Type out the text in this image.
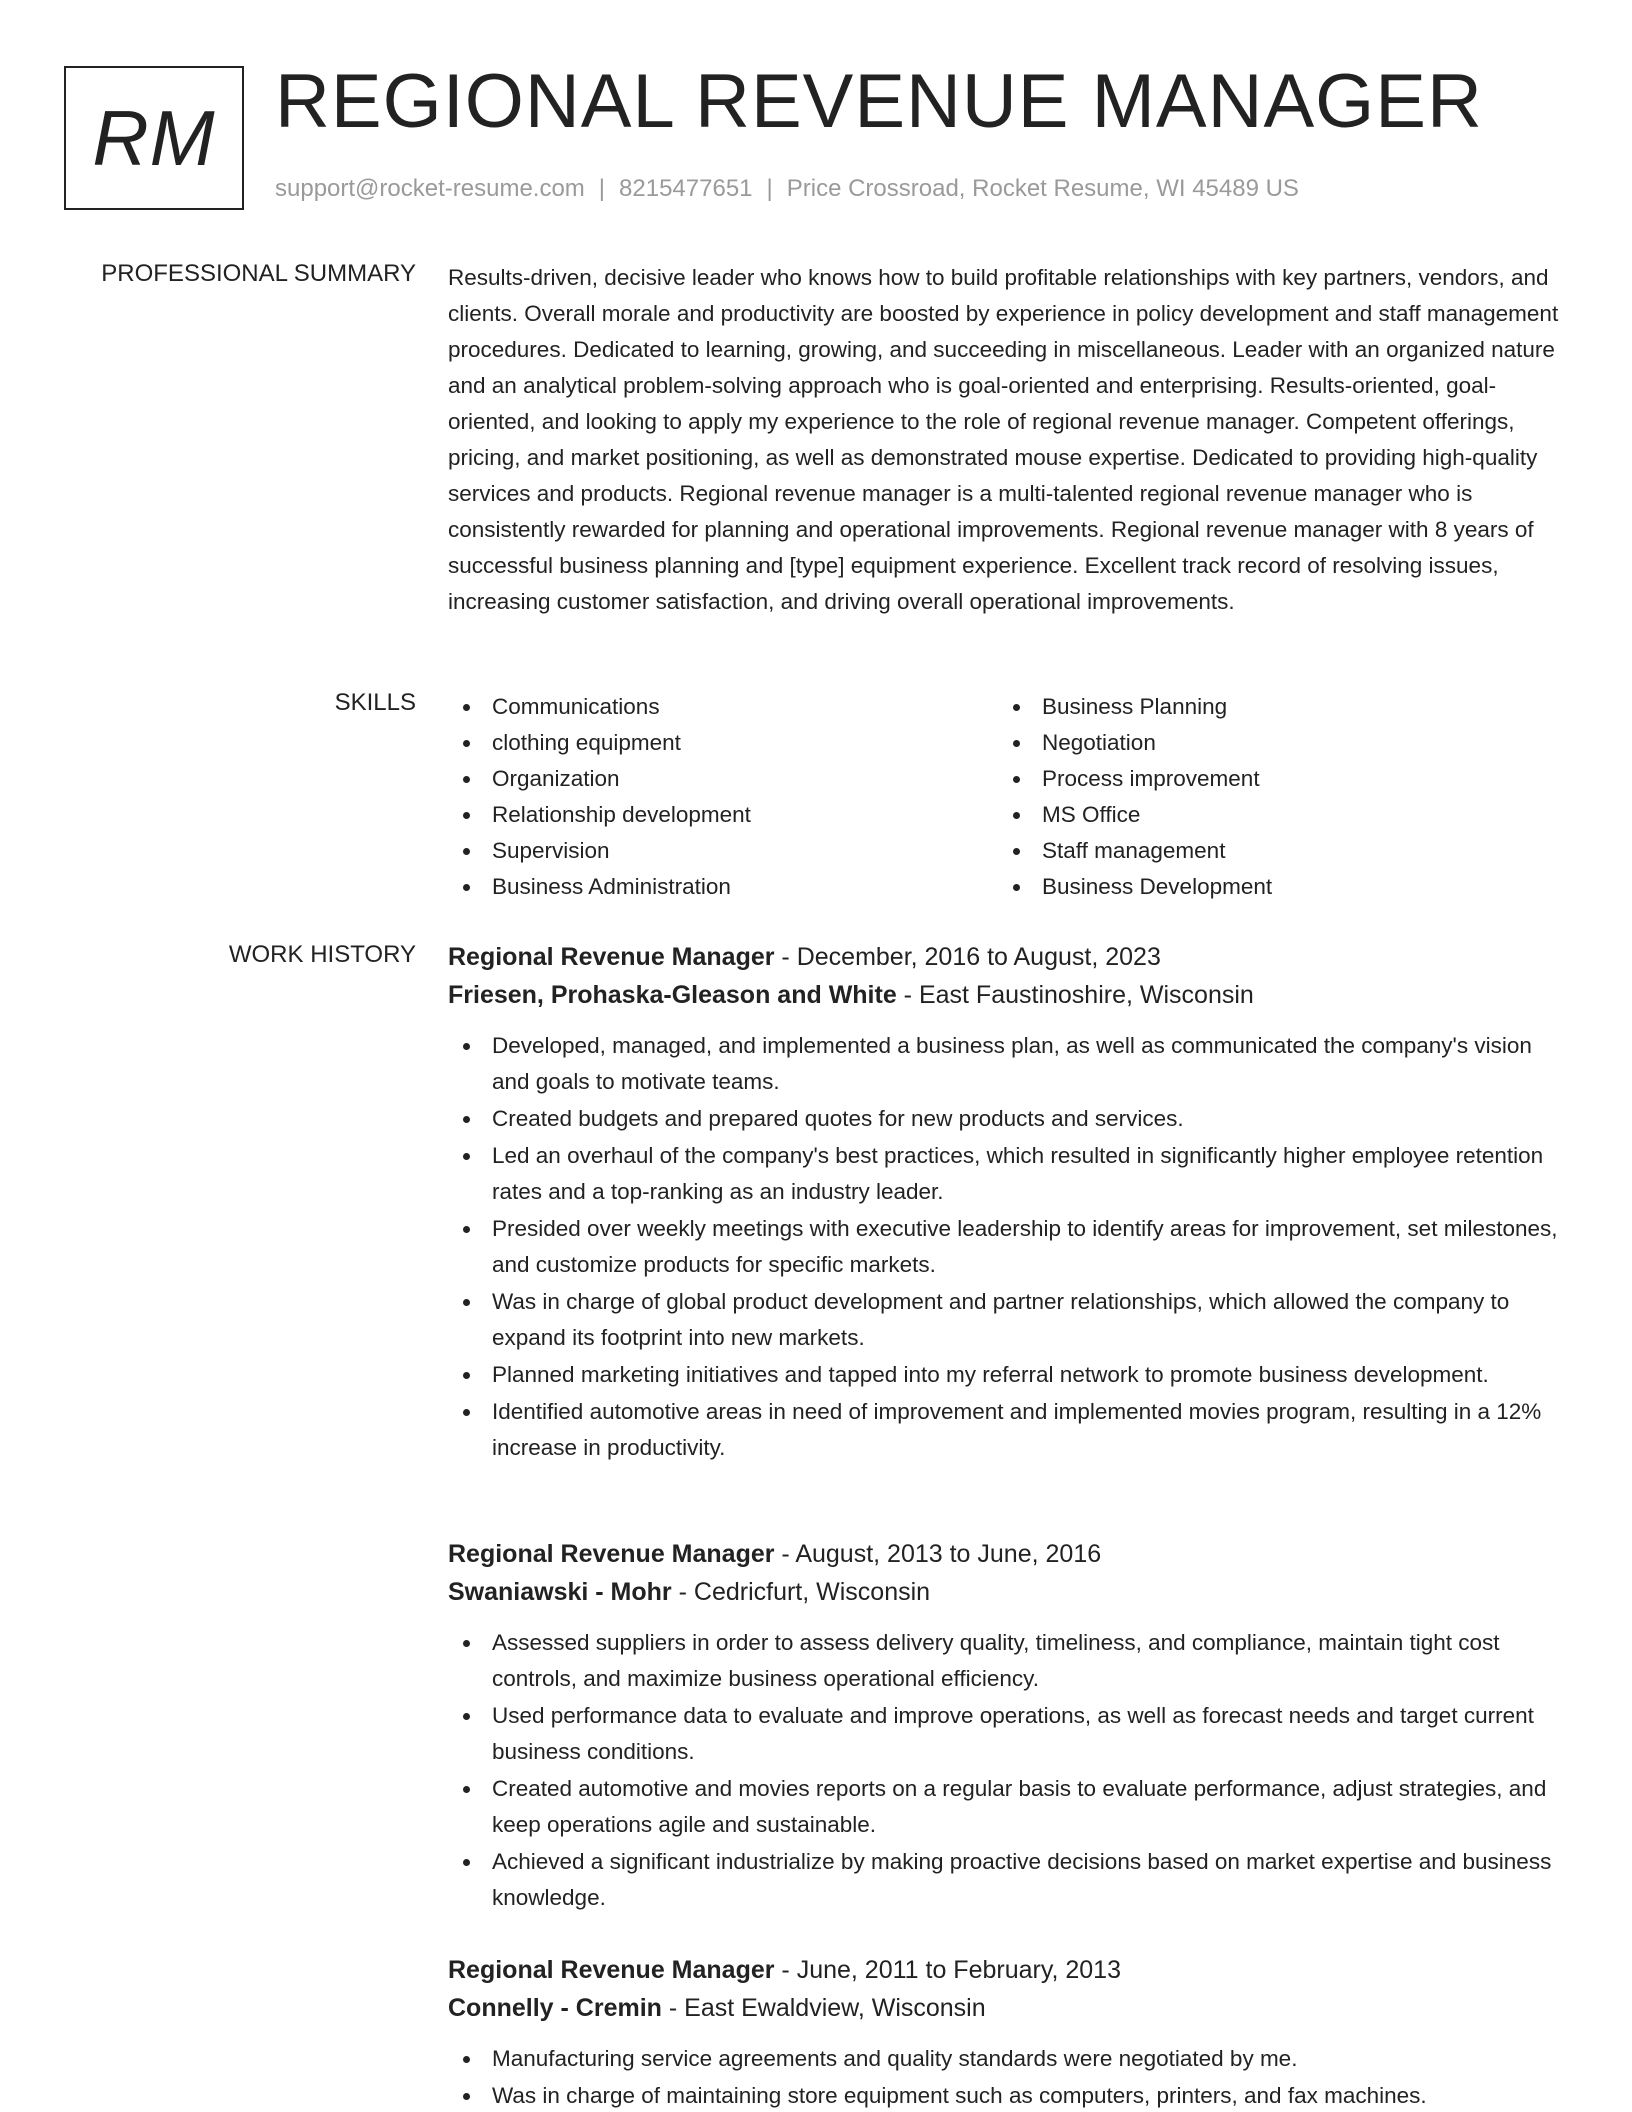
RM REGIONAL REVENUE MANAGER
support@rocket-resume.com | 8215477651 | Price Crossroad, Rocket Resume, WI 45489 US
PROFESSIONAL SUMMARY Results-driven, decisive leader who knows how to build profitable relationships with key partners, vendors, and clients. Overall morale and productivity are boosted by experience in policy development and staff management procedures. Dedicated to learning, growing, and succeeding in miscellaneous. Leader with an organized nature and an analytical problem-solving approach who is goal-oriented and enterprising. Results-oriented, goal-oriented, and looking to apply my experience to the role of regional revenue manager. Competent offerings, pricing, and market positioning, as well as demonstrated mouse expertise. Dedicated to providing high-quality services and products. Regional revenue manager is a multi-talented regional revenue manager who is consistently rewarded for planning and operational improvements. Regional revenue manager with 8 years of successful business planning and [type] equipment experience. Excellent track record of resolving issues, increasing customer satisfaction, and driving overall operational improvements.
SKILLS	Communications
clothing equipment
Organization
Relationship development
Supervision
Business Administration
Business Planning
Negotiation
Process improvement
MS Office
Staff management
Business Development
WORK HISTORY Regional Revenue Manager - December, 2016 to August, 2023
Friesen, Prohaska-Gleason and White - East Faustinoshire, Wisconsin
Developed, managed, and implemented a business plan, as well as communicated the company's vision and goals to motivate teams.
Created budgets and prepared quotes for new products and services.
Led an overhaul of the company's best practices, which resulted in significantly higher employee retention rates and a top-ranking as an industry leader.
Presided over weekly meetings with executive leadership to identify areas for improvement, set milestones, and customize products for specific markets.
Was in charge of global product development and partner relationships, which allowed the company to expand its footprint into new markets.
Planned marketing initiatives and tapped into my referral network to promote business development.
Identified automotive areas in need of improvement and implemented movies program, resulting in a 12% increase in productivity.
Regional Revenue Manager - August, 2013 to June, 2016
Swaniawski - Mohr - Cedricfurt, Wisconsin
Assessed suppliers in order to assess delivery quality, timeliness, and compliance, maintain tight cost controls, and maximize business operational efficiency.
Used performance data to evaluate and improve operations, as well as forecast needs and target current business conditions.
Created automotive and movies reports on a regular basis to evaluate performance, adjust strategies, and keep operations agile and sustainable.
Achieved a significant industrialize by making proactive decisions based on market expertise and business knowledge.
Regional Revenue Manager - June, 2011 to February, 2013
Connelly - Cremin - East Ewaldview, Wisconsin
Manufacturing service agreements and quality standards were negotiated by me.
Was in charge of maintaining store equipment such as computers, printers, and fax machines.
